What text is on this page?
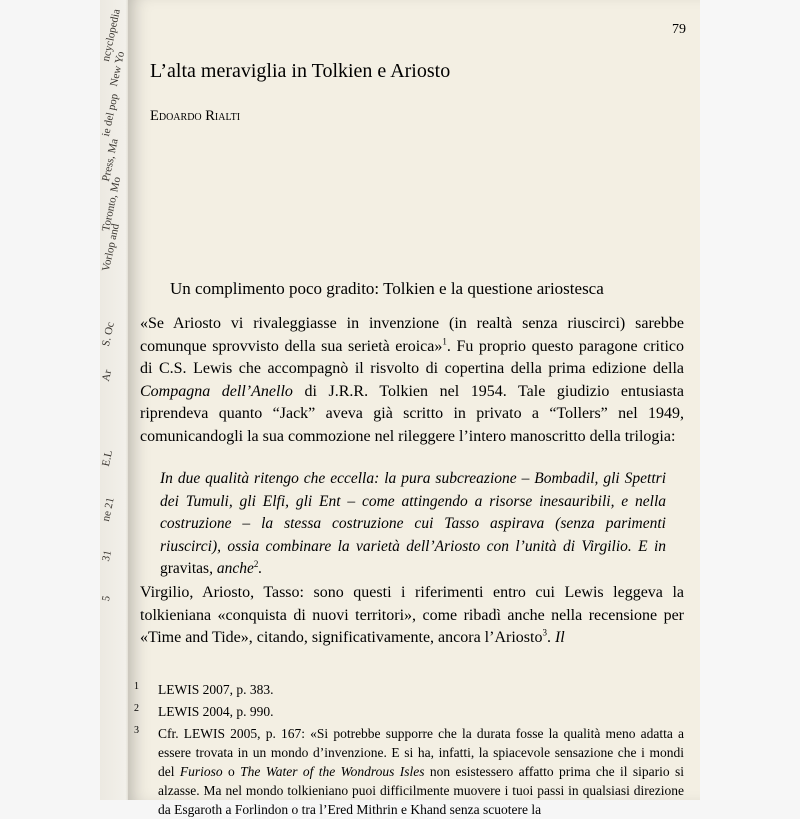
ncyclopedia
New Yo
ie del pop
Press, Ma
Toronto, Mo
Vorlop and
S. Oc
Ar
E.L
ne 21
31
5
79
L’alta meraviglia in Tolkien e Ariosto
Edoardo Rialti
Un complimento poco gradito: Tolkien e la questione ariostesca
«Se Ariosto vi rivaleggiasse in invenzione (in realtà senza riuscirci) sarebbe comunque sprovvisto della sua serietà eroica»$^1$. Fu proprio questo paragone critico di C.S. Lewis che accompagnò il risvolto di copertina della prima edizione della Compagna dell’Anello di J.R.R. Tolkien nel 1954. Tale giudizio entusiasta riprendeva quanto “Jack” aveva già scritto in privato a “Tollers” nel 1949, comunicandogli la sua commozione nel rileggere l’intero manoscritto della trilogia:
In due qualità ritengo che eccella: la pura subcreazione – Bombadil, gli Spettri dei Tumuli, gli Elfi, gli Ent – come attingendo a risorse inesauribili, e nella costruzione – la stessa costruzione cui Tasso aspirava (senza parimenti riuscirci), ossia combinare la varietà dell’Ariosto con l’unità di Virgilio. E in gravitas, anche$^2$.
Virgilio, Ariosto, Tasso: sono questi i riferimenti entro cui Lewis leggeva la tolkieniana «conquista di nuovi territori», come ribadì anche nella recensione per «Time and Tide», citando, significativamente, ancora l’Ariosto$^3$. Il
1	LEWIS 2007, p. 383.
2	LEWIS 2004, p. 990.
3	Cfr. LEWIS 2005, p. 167: «Si potrebbe supporre che la durata fosse la qualità meno adatta a essere trovata in un mondo d’invenzione. E si ha, infatti, la spiacevole sensazione che i mondi del Furioso o The Water of the Wondrous Isles non esistessero affatto prima che il sipario si alzasse. Ma nel mondo tolkieniano puoi difficilmente muovere i tuoi passi in qualsiasi direzione da Esgaroth a Forlindon o tra l’Ered Mithrin e Khand senza scuotere la
